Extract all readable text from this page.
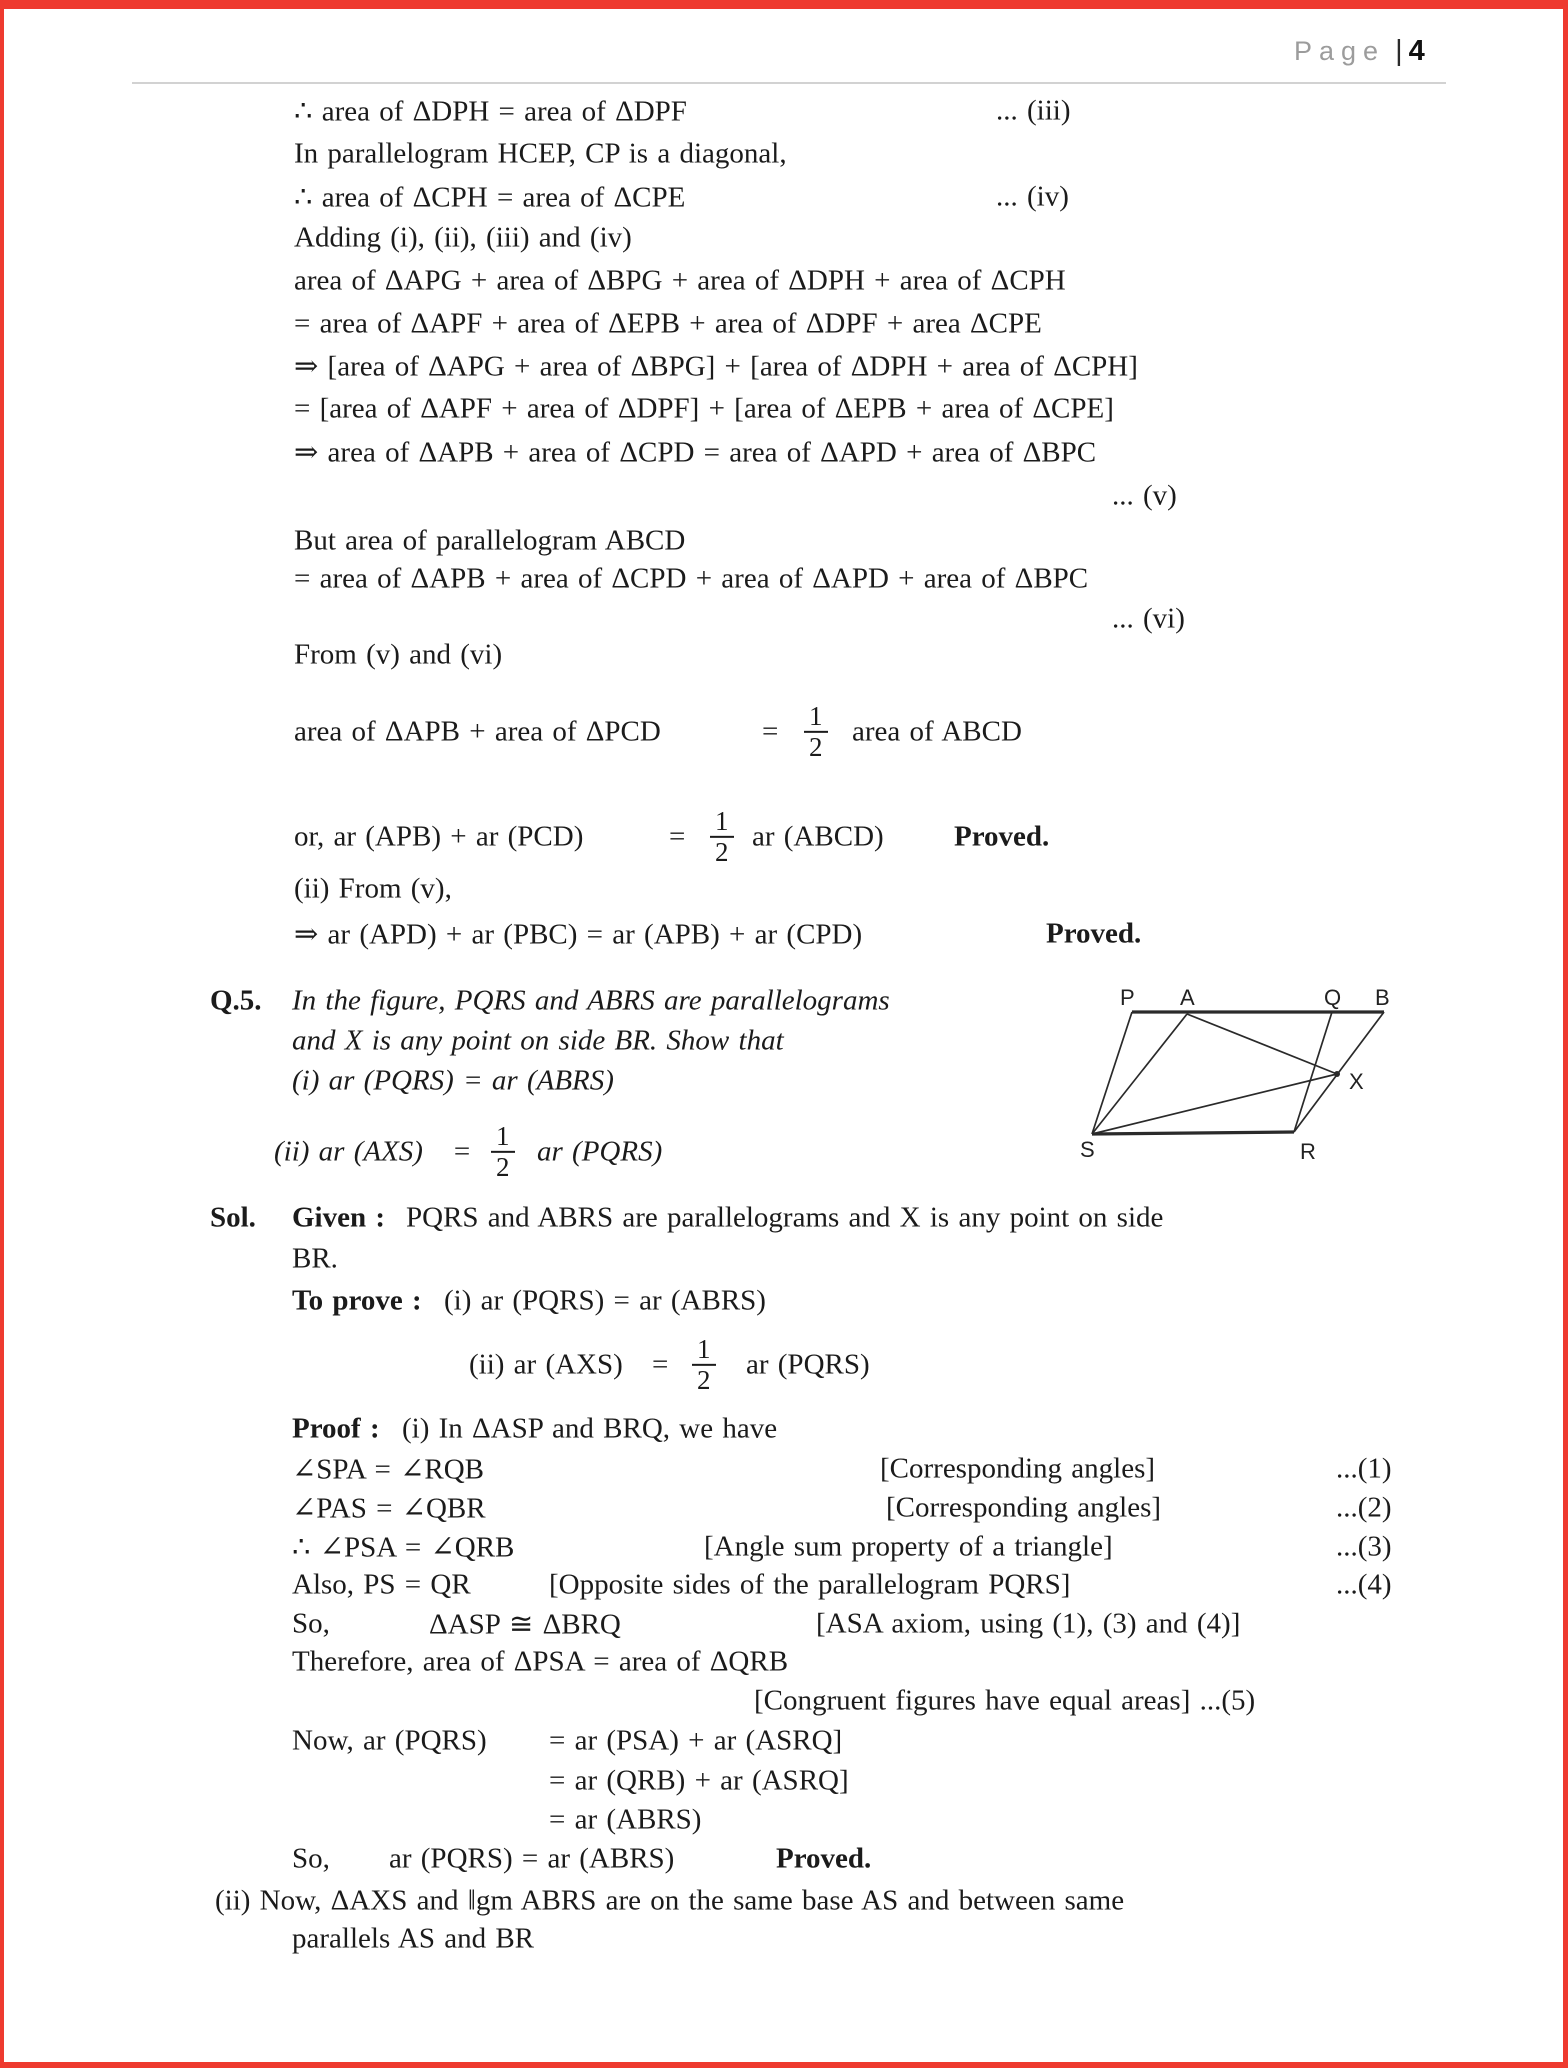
Page | 4
∴ area of ΔDPH = area of ΔDPF	... (iii)
In parallelogram HCEP, CP is a diagonal,
∴ area of ΔCPH = area of ΔCPE	... (iv)
Adding (i), (ii), (iii) and (iv)
area of ΔAPG + area of ΔBPG + area of ΔDPH + area of ΔCPH
= area of ΔAPF + area of ΔEPB + area of ΔDPF + area ΔCPE
⇒ [area of ΔAPG + area of ΔBPG] + [area of ΔDPH + area of ΔCPH]
= [area of ΔAPF + area of ΔDPF] + [area of ΔEPB + area of ΔCPE]
⇒ area of ΔAPB + area of ΔCPD = area of ΔAPD + area of ΔBPC
... (v)
But area of parallelogram ABCD
= area of ΔAPB + area of ΔCPD + area of ΔAPD + area of ΔBPC
... (vi)
From (v) and (vi)
area of ΔAPB + area of ΔPCD	= $\frac{1}{2}$ area of ABCD
or, ar (APB) + ar (PCD)	= $\frac{1}{2}$ ar (ABCD) Proved.
(ii) From (v),
⇒ ar (APD) + ar (PBC) = ar (APB) + ar (CPD)	Proved.
Q.5. In the figure, PQRS and ABRS are parallelograms
and X is any point on side BR. Show that
(i) ar (PQRS) = ar (ABRS)
(ii) ar $(AXS) = \frac{1}{2}$ ar (PQRS)
Sol. Given : PQRS and ABRS are parallelograms and X is any point on side
BR.
To prove : (i) ar (PQRS) = ar (ABRS)
(ii) ar $(AXS) = \frac{1}{2}$ ar (PQRS)
Proof : (i) In ΔASP and BRQ, we have
∠SPA = ∠RQB	[Corresponding angles]	...(1)
∠PAS = ∠QBR	[Corresponding angles]	...(2)
∴ ∠PSA = ∠QRB	[Angle sum property of a triangle]	...(3)
Also, PS = QR	[Opposite sides of the parallelogram PQRS]	...(4)
So,	ΔASP ≅ ΔBRQ	[ASA axiom, using (1), (3) and (4)]
Therefore, area of ΔPSA = area of ΔQRB
[Congruent figures have equal areas] ...(5)
Now, ar (PQRS) = ar (PSA) + ar (ASRQ]
= ar (QRB) + ar (ASRQ]
= ar (ABRS)
So, ar (PQRS) = ar (ABRS)	Proved.
(ii) Now, ΔAXS and ‖gm ABRS are on the same base AS and between same
parallels AS and BR
P A	Q B
S	R
X
